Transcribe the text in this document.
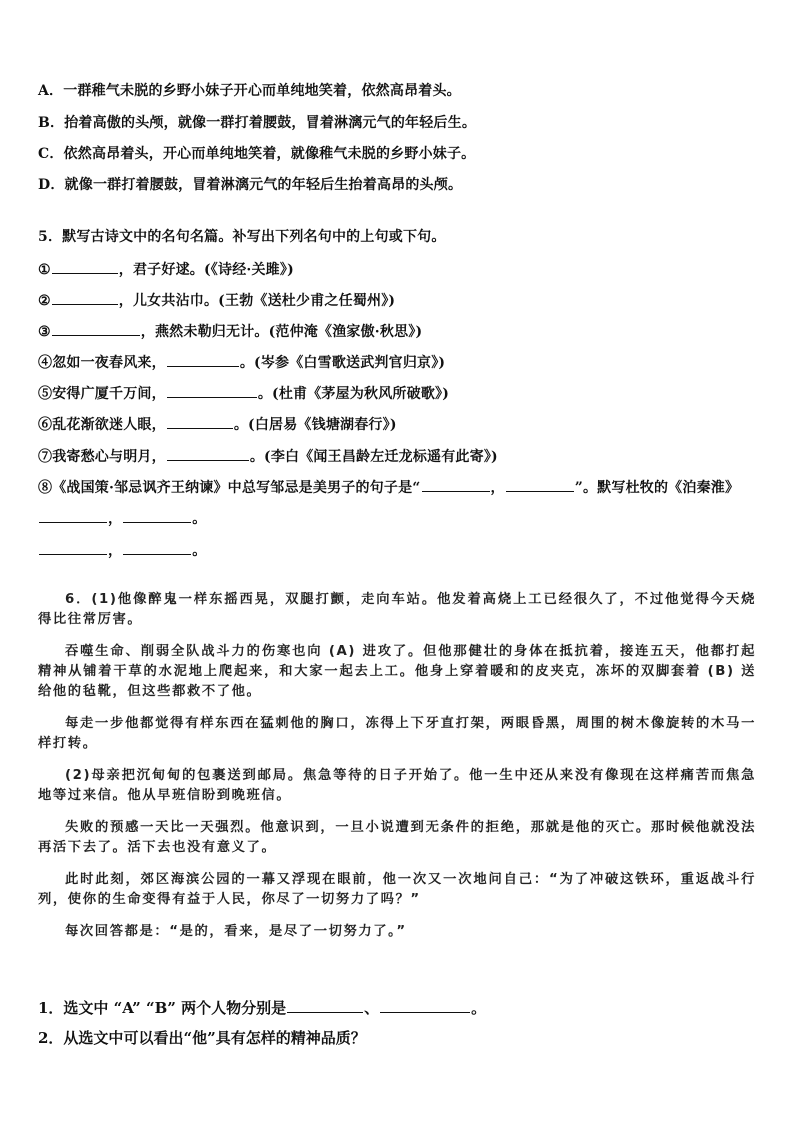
A．一群稚气未脱的乡野小妹子开心而单纯地笑着，依然高昂着头。
B．抬着高傲的头颅，就像一群打着腰鼓，冒着淋漓元气的年轻后生。
C．依然高昂着头，开心而单纯地笑着，就像稚气未脱的乡野小妹子。
D．就像一群打着腰鼓，冒着淋漓元气的年轻后生抬着高昂的头颅。
5．默写古诗文中的名句名篇。补写出下列名句中的上句或下句。
①	，君子好逑。(《诗经·关雎》)
②	，儿女共沾巾。(王勃《送杜少甫之任蜀州》)
③	，燕然未勒归无计。(范仲淹《渔家傲·秋思》)
④忽如一夜春风来，	。(岑参《白雪歌送武判官归京》)
⑤安得广厦千万间，	。(杜甫《茅屋为秋风所破歌》)
⑥乱花渐欲迷人眼，	。(白居易《钱塘湖春行》)
⑦我寄愁心与明月，	。(李白《闻王昌龄左迁龙标遥有此寄》)
⑧《战国策·邹忌讽齐王纳谏》中总写邹忌是美男子的句子是“	，	”。默写杜牧的《泊秦淮》
，	。
，	。

6．(1)他像醉鬼一样东摇西晃，双腿打颤，走向车站。他发着高烧上工已经很久了，不过他觉得今天烧得比往常厉害。

吞噬生命、削弱全队战斗力的伤寒也向 (A) 进攻了。但他那健壮的身体在抵抗着，接连五天，他都打起精神从铺着干草的水泥地上爬起来，和大家一起去上工。他身上穿着暖和的皮夹克，冻坏的双脚套着 (B) 送给他的毡靴，但这些都救不了他。

每走一步他都觉得有样东西在猛刺他的胸口，冻得上下牙直打架，两眼昏黑，周围的树木像旋转的木马一样打转。

(2)母亲把沉甸甸的包裹送到邮局。焦急等待的日子开始了。他一生中还从来没有像现在这样痛苦而焦急地等过来信。他从早班信盼到晚班信。

失败的预感一天比一天强烈。他意识到，一旦小说遭到无条件的拒绝，那就是他的灭亡。那时候他就没法再活下去了。活下去也没有意义了。

此时此刻，郊区海滨公园的一幕又浮现在眼前，他一次又一次地问自己：“为了冲破这铁环，重返战斗行列，使你的生命变得有益于人民，你尽了一切努力了吗？”

每次回答都是：“是的，看来，是尽了一切努力了。”

1．选文中 “A” “B” 两个人物分别是	、	。
2．从选文中可以看出“他”具有怎样的精神品质？
